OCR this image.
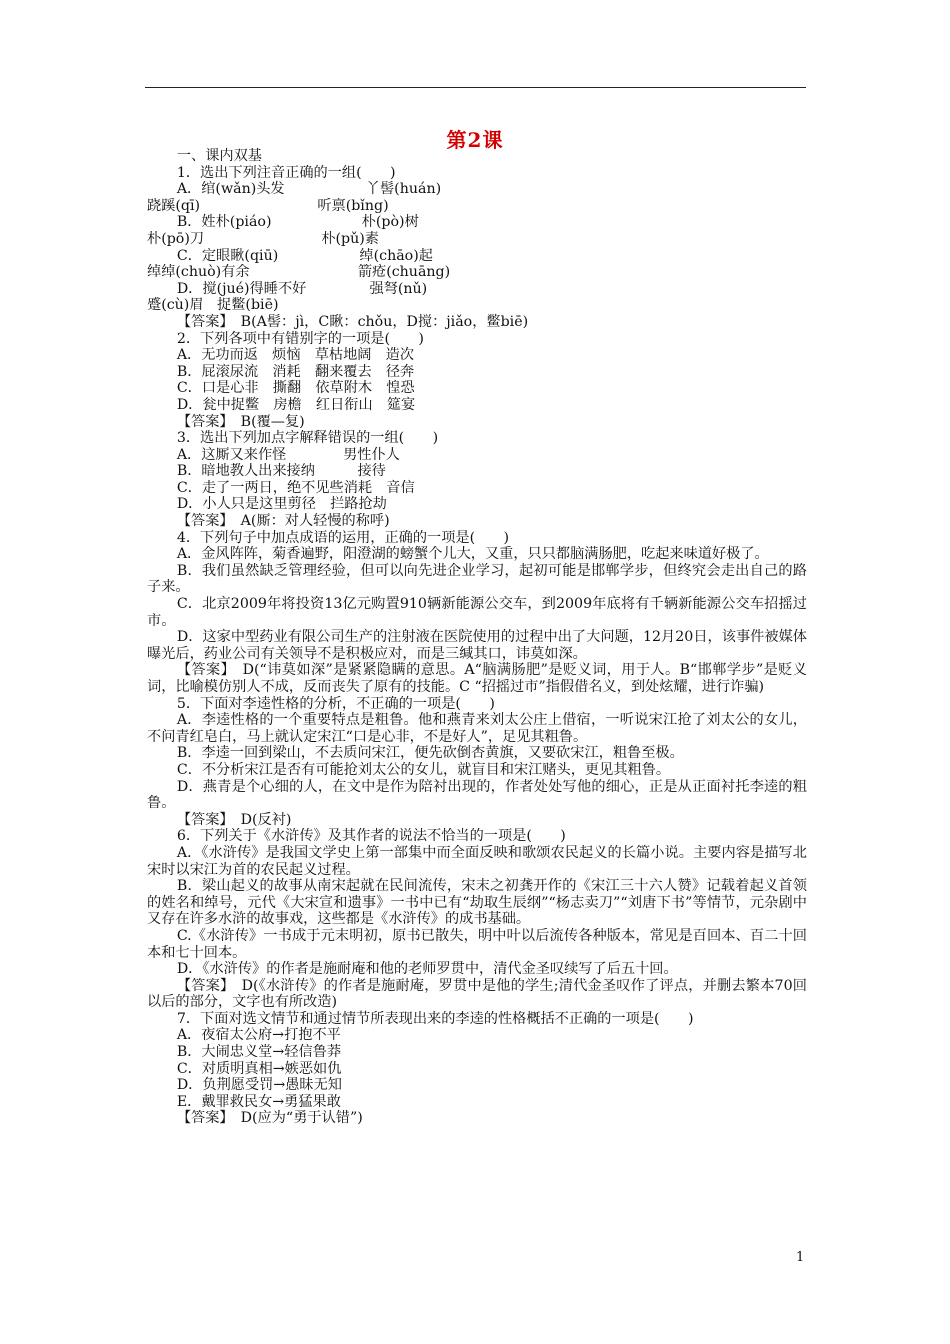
第2课
一、课内双基
1．选出下列注音正确的一组(　　)
A．绾(wǎn)头发                  丫髻(huán)
跷蹊(qī)                          听禀(bǐng)
B．姓朴(piáo)                    朴(pò)树
朴(pō)刀                          朴(pǔ)素
C．定眼瞅(qiū)                  绰(chāo)起
绰绰(chuò)有余                        箭疮(chuāng)
D．搅(jué)得睡不好              强弩(nǔ)
蹙(cù)眉   捉鳖(biē)
【答案】　B(A髻：jì，C瞅：chǒu，D搅：jiǎo，鳖biē)
2．下列各项中有错别字的一项是(　　)
A．无功而返　烦恼　草枯地阔　造次
B．屁滚尿流　消耗　翻来覆去　径奔
C．口是心非　撕翻　依草附木　惶恐
D．瓮中捉鳖　房檐　红日衔山　筵宴
【答案】　B(覆—复)
3．选出下列加点字解释错误的一组(　　)
A．这厮又来作怪　　　　男性仆人
B．暗地教人出来接纳　　　接待
C．走了一两日，绝不见些消耗　音信
D．小人只是这里剪径　拦路抢劫
【答案】　A(厮：对人轻慢的称呼)
4．下列句子中加点成语的运用，正确的一项是(　　)
A．金风阵阵，菊香遍野，阳澄湖的螃蟹个儿大，又重，只只都脑满肠肥，吃起来味道好极了。
B．我们虽然缺乏管理经验，但可以向先进企业学习，起初可能是邯郸学步，但终究会走出自己的路子来。
C．北京2009年将投资13亿元购置910辆新能源公交车，到2009年底将有千辆新能源公交车招摇过市。
D．这家中型药业有限公司生产的注射液在医院使用的过程中出了大问题，12月20日，该事件被媒体曝光后，药业公司有关领导不是积极应对，而是三缄其口，讳莫如深。
【答案】　D(“讳莫如深”是紧紧隐瞒的意思。A“脑满肠肥”是贬义词，用于人。B“邯郸学步”是贬义词，比喻模仿别人不成，反而丧失了原有的技能。C “招摇过市”指假借名义，到处炫耀，进行诈骗)
5．下面对李逵性格的分析，不正确的一项是(　　)
A．李逵性格的一个重要特点是粗鲁。他和燕青来刘太公庄上借宿，一听说宋江抢了刘太公的女儿，不问青红皂白，马上就认定宋江“口是心非，不是好人”，足见其粗鲁。
B．李逵一回到梁山，不去质问宋江，便先砍倒杏黄旗，又要砍宋江，粗鲁至极。
C．不分析宋江是否有可能抢刘太公的女儿，就盲目和宋江赌头，更见其粗鲁。
D．燕青是个心细的人，在文中是作为陪衬出现的，作者处处写他的细心，正是从正面衬托李逵的粗鲁。
【答案】　D(反衬)
6．下列关于《水浒传》及其作者的说法不恰当的一项是(　　)
A．《水浒传》是我国文学史上第一部集中而全面反映和歌颂农民起义的长篇小说。主要内容是描写北宋时以宋江为首的农民起义过程。
B．梁山起义的故事从南宋起就在民间流传，宋末之初龚开作的《宋江三十六人赞》记载着起义首领的姓名和绰号，元代《大宋宣和遗事》一书中已有“劫取生辰纲”“杨志卖刀”“刘唐下书”等情节，元杂剧中又存在许多水浒的故事戏，这些都是《水浒传》的成书基础。
C.《水浒传》一书成于元末明初，原书已散失，明中叶以后流传各种版本，常见是百回本、百二十回本和七十回本。
D．《水浒传》的作者是施耐庵和他的老师罗贯中，清代金圣叹续写了后五十回。
【答案】　D(《水浒传》的作者是施耐庵，罗贯中是他的学生;清代金圣叹作了评点，并删去繁本70回以后的部分，文字也有所改造)
7．下面对选文情节和通过情节所表现出来的李逵的性格概括不正确的一项是(　　)
A．夜宿太公府→打抱不平
B．大闹忠义堂→轻信鲁莽
C．对质明真相→嫉恶如仇
D．负荆愿受罚→愚昧无知
E．戴罪救民女→勇猛果敢
【答案】　D(应为“勇于认错”)
1
